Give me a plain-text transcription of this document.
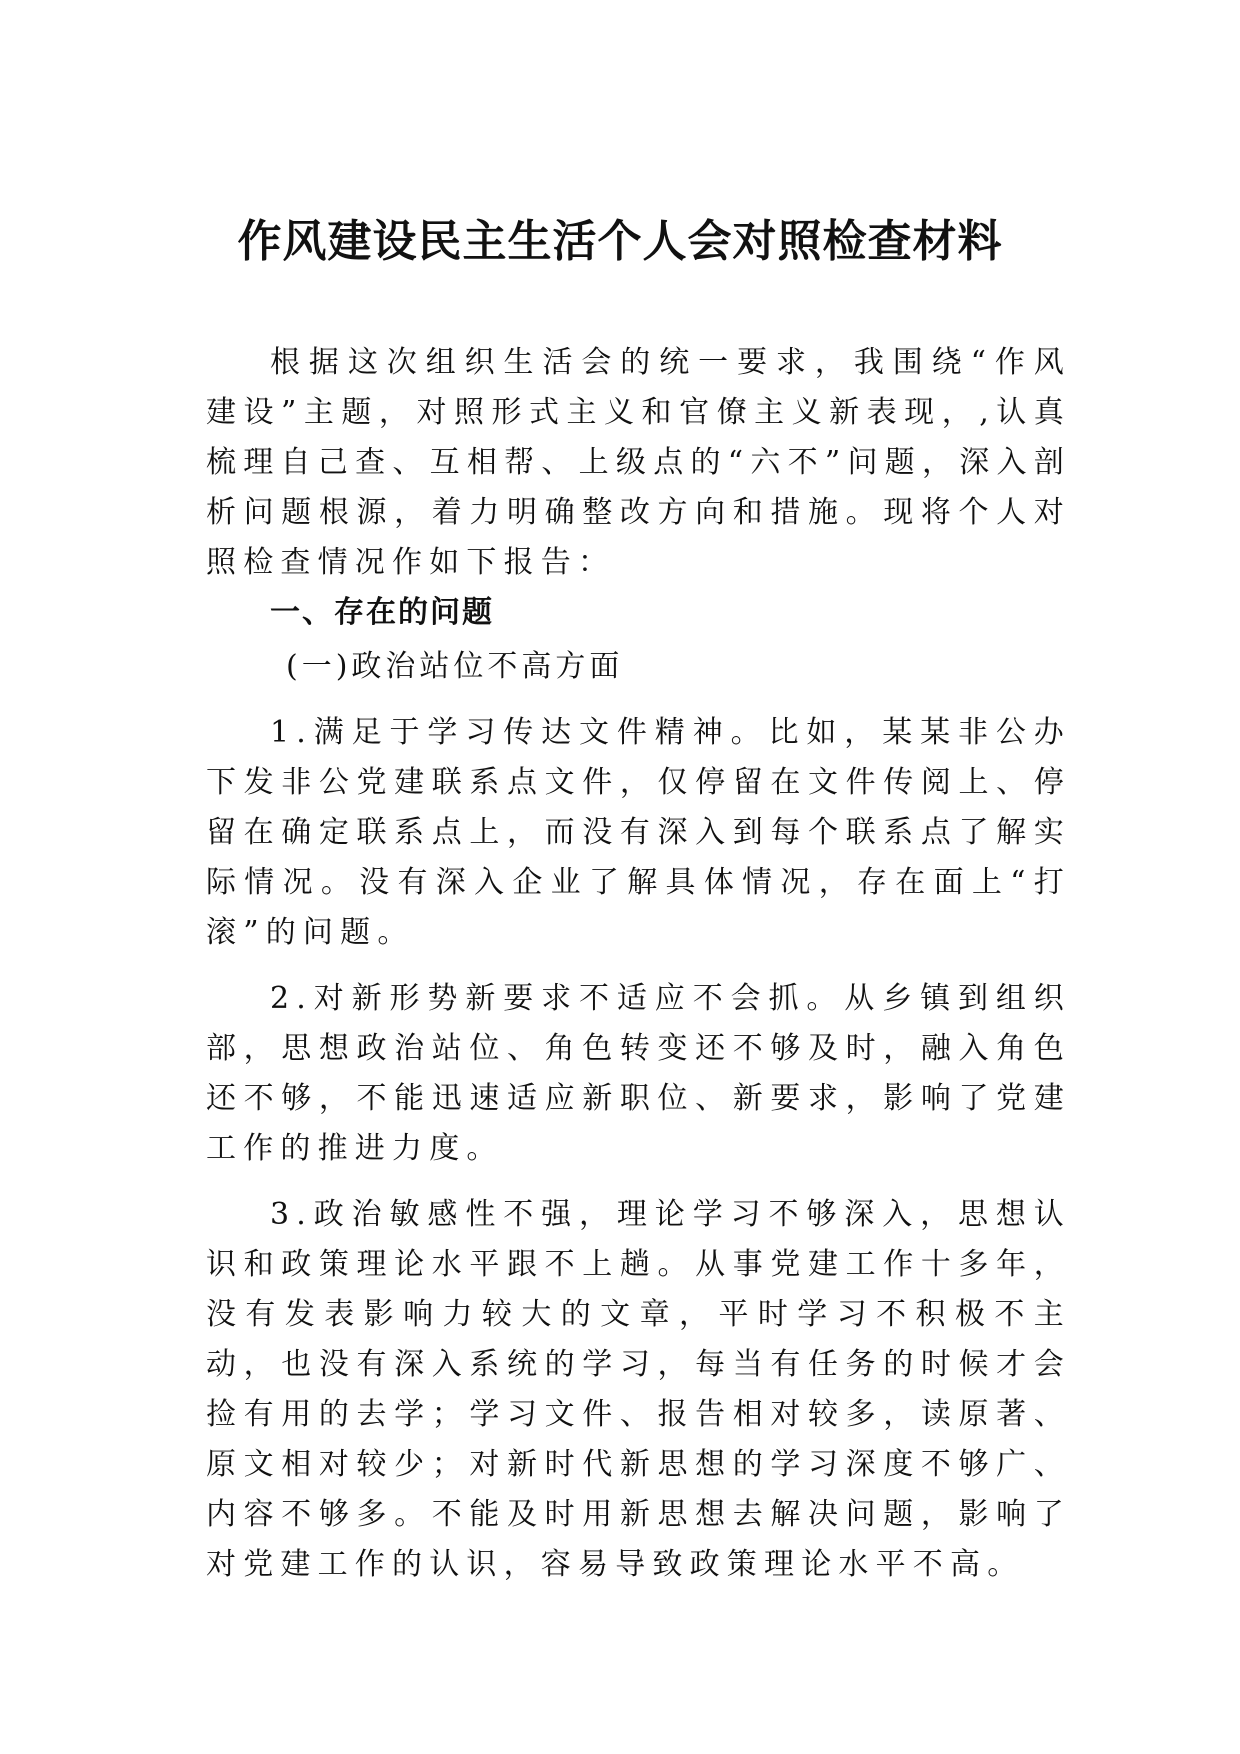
作风建设民主生活个人会对照检查材料

根据这次组织生活会的统一要求，我围绕“作风建设”主题，对照形式主义和官僚主义新表现，,认真梳理自己查、互相帮、上级点的“六不”问题，深入剖析问题根源，着力明确整改方向和措施。现将个人对照检查情况作如下报告：

一、存在的问题

(一)政治站位不高方面

1.满足于学习传达文件精神。比如，某某非公办下发非公党建联系点文件，仅停留在文件传阅上、停留在确定联系点上，而没有深入到每个联系点了解实际情况。没有深入企业了解具体情况，存在面上“打滚”的问题。

2.对新形势新要求不适应不会抓。从乡镇到组织部，思想政治站位、角色转变还不够及时，融入角色还不够，不能迅速适应新职位、新要求，影响了党建工作的推进力度。

3.政治敏感性不强，理论学习不够深入，思想认识和政策理论水平跟不上趟。从事党建工作十多年，没有发表影响力较大的文章，平时学习不积极不主动，也没有深入系统的学习，每当有任务的时候才会捡有用的去学；学习文件、报告相对较多，读原著、原文相对较少；对新时代新思想的学习深度不够广、内容不够多。不能及时用新思想去解决问题，影响了对党建工作的认识，容易导致政策理论水平不高。
